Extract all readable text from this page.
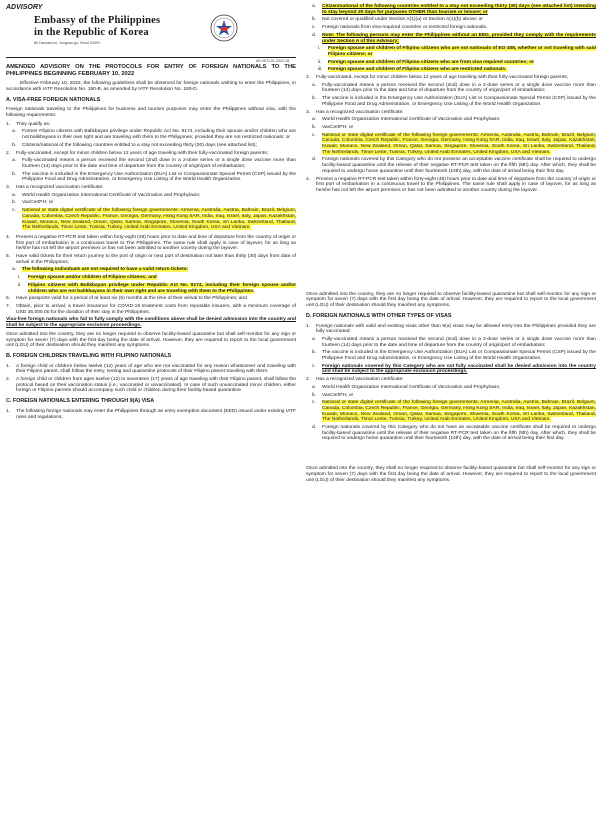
ADVISORY
Embassy of the Philippines
in the Republic of Korea
80 Hannam-ro, Yongsan-gu, Seoul 04391
AD-NTD-01-2022-18

AMENDED ADVISORY ON THE PROTOCOLS FOR ENTRY OF FOREIGN NATIONALS TO THE PHILIPPINES BEGINNING FEBRUARY 10, 2022

Effective February 10, 2022, the following guidelines shall be observed for foreign nationals wishing to enter the Philippines, in accordance with IATF Resolution No. 150-B, as amended by IATF Resolution No. 160-D.

A. VISA-FREE FOREIGN NATIONALS

Foreign nationals traveling to the Philippines for business and tourism purposes may enter the Philippines without visa, with the following requirements:

1. They qualify as:

a. Former Filipino citizens with Balikbayan privilege under Republic Act No. 9174, including their spouse and/or children who are not balikbayans in their own right and are traveling with them to the Philippines; provided they are not restricted nationals; or

b. Citizens/national of the following countries entitled to a stay not exceeding thirty (30) days (see attached list);

2. Fully-vaccinated, except for minor children below 12 years of age traveling with their fully-vaccinated foreign parents;

a. Fully-vaccinated means a person received the second (2nd) dose in a 2-dose series or a single dose vaccine more than fourteen (14) days prior to the date and time of departure from the country of origin/port of embarkation;

b. The vaccine is included in the Emergency Use Authorization (EUA) List or Compassionate Special Permit (CSP) issued by the Philippine Food and Drug Administration, or Emergency Use Listing of the World Health Organization.

3. Has a recognized vaccination certificate:

a. World Health Organization International Certificate of Vaccination and Prophylaxis;

b. VaxCertPH; or

c. National or state digital certificate of the following foreign governments: Armenia, Australia, Austria, Bahrain, Brazil, Belgium, Canada, Colombia, Czech Republic, France, Georgia, Germany, Hong Kong SAR, India, Iraq, Israel, Italy, Japan, Kazakhstan, Kuwait, Monaco, New Zealand, Oman, Qatar, Samoa, Singapore, Slovenia, South Korea, Sri Lanka, Switzerland, Thailand, The Netherlands, Timor Leste, Tunisia, Turkey, United Arab Emirates, United Kingdom, USA and Vietnam.

4. Present a negative RT-PCR test taken within forty-eight (48) hours prior to date and time of departure from the country of origin or first port of embarkation in a continuous travel to The Philippines. The same rule shall apply in case of layover, for as long as he/she has not left the airport premises or has not been admitted to another country during the layover.

5. Have valid tickets for their return journey to the port of origin or next port of destination not later than thirty (30) days from date of arrival in the Philippines;

a. The following individuals are not required to have a valid return tickets:

i. Foreign spouse and/or children of Filipino citizens; and

ii. Filipino citizens with Balikbayan privilege under Republic Act No. 9174, including their foreign spouse and/or children who are not balikbayans in their own right and are traveling with them to the Philippines.

6. Have passports valid for a period of at least six (6) months at the time of their arrival to the Philippines; and

7. Obtain, prior to arrival, a travel insurance for COVID-19 treatment costs from reputable insurers, with a minimum coverage of USD 35,000.00 for the duration of their stay in the Philippines.

Visa-free foreign nationals who fail to fully comply with the conditions above shall be denied admission into the country and shall be subject to the appropriate exclusion proceedings.

Once admitted into the country, they are no longer required to observe facility-based quarantine but shall self-monitor for any sign or symptom for seven (7) days with the first day being the date of arrival. However, they are required to report to the local government unit (LGU) of their destination should they manifest any symptoms.

B. FOREIGN CHILDREN TRAVELING WITH FILIPINO NATIONALS

1. A foreign child or children below twelve (12) years of age who are not vaccinated for any reason whatsoever and traveling with their Filipino parent, shall follow the entry, testing and quarantine protocols of their Filipino parent traveling with them.

2. A foreign child or children from ages twelve (12) to seventeen (17) years of age traveling with their Filipino parent, shall follow the protocol based on their vaccination status (i.e., vaccinated or unvaccinated). In case of such unvaccinated minor children, either foreign or Filipino parents should accompany such child or children during their facility-based quarantine.

C. FOREIGN NATIONALS ENTERING THROUGH 9(A) VISA

1. The following foreign nationals may enter the Philippines through an entry exemption document (EED) issued under existing IATF rules and regulations;

a. Citizen/national of the following countries entitled to a stay not exceeding thirty (30) days (see attached list) intending to stay beyond 30 days for purposes OTHER than tourism or leisure; or

b. Not covered or qualified under Section A(1)(a) or Section A(1)(b) above; or

c. Foreign nationals from visa-required countries or restricted foreign nationals.

d. Note: The following persons may enter the Philippines without an EED, provided they comply with the requirements under Section A of this Advisory:

i. Foreign spouse and children of Filipino citizens who are not nationals of EO 408, whether or not traveling with said Filipino citizens; or

ii. Foreign spouse and children of Filipino citizens who are from visa required countries; or

iii. Foreign spouse and children of Filipino citizens who are restricted nationals.

2. Fully-vaccinated, except for minor children below 12 years of age traveling with their fully-vaccinated foreign parents;

a. Fully-vaccinated means a person received the second (2nd) dose in a 2-dose series or a single dose vaccine more than fourteen (14) days prior to the date and time of departure from the country of origin/port of embarkation;

b. The vaccine is included in the Emergency Use Authorization (EUA) List or Compassionate Special Permit (CSP) issued by the Philippine Food and Drug Administration, or Emergency Use Listing of the World Health Organization.

3. Has a recognized vaccination certificate:

a. World Health Organization International Certificate of Vaccination and Prophylaxis;

b. VaxCertPH; or

c. National or state digital certificate of the following foreign governments: Armenia, Australia, Austria, Bahrain, Brazil, Belgium, Canada, Colombia, Czech Republic, France, Georgia, Germany, Hong Kong SAR, India, Iraq, Israel, Italy, Japan, Kazakhstan, Kuwait, Monaco, New Zealand, Oman, Qatar, Samoa, Singapore, Slovenia, South Korea, Sri Lanka, Switzerland, Thailand, The Netherlands, Timor Leste, Tunisia, Turkey, United Arab Emirates, United Kingdom, USA and Vietnam.

d. Foreign nationals covered by this Category who do not possess an acceptable vaccine certificate shall be required to undergo facility-based quarantine until the release of their negative RT-PCR test taken on the fifth (5th) day. After which, they shall be required to undergo home quarantine until their fourteenth (14th) day, with the date of arrival being their first day.

4. Present a negative RT-PCR test taken within forty-eight (48) hours prior to date and time of departure from the country of origin or first port of embarkation in a continuous travel to the Philippines. The same rule shall apply in case of layover, for as long as he/she has not left the airport premises or has not been admitted to another country during the layover.

Once admitted into the country, they are no longer required to observe facility-based quarantine but shall self-monitor for any sign or symptom for seven (7) days with the first day being the date of arrival. However, they are required to report to the local government unit (LGU) of their destination should they manifest any symptoms.

D. FOREIGN NATIONALS WITH OTHER TYPES OF VISAS

1. Foreign nationals with valid and existing visas other than 9(a) visas may be allowed entry into the Philippines provided they are fully vaccinated:

a. Fully-vaccinated means a person received the second (2nd) dose in a 2-dose series or a single dose vaccine more than fourteen (14) days prior to the date and time of departure from the country of origin/port of embarkation;

b. The vaccine is included in the Emergency Use Authorization (EUA) List or Compassionate Special Permit (CSP) issued by the Philippine Food and Drug Administration, or Emergency Use Listing of the World Health Organization.

c. Foreign nationals covered by this Category who are not fully vaccinated shall be denied admission into the country and shall be subject to the appropriate exclusion proceedings.

2. Has a recognized vaccination certificate:

a. World Health Organization International Certificate of Vaccination and Prophylaxis;

b. VaxCertPH; or

c. National or state digital certificate of the following foreign governments: Armenia, Australia, Austria, Bahrain, Brazil, Belgium, Canada, Colombia, Czech Republic, France, Georgia, Germany, Hong Kong SAR, India, Iraq, Israel, Italy, Japan, Kazakhstan, Kuwait, Monaco, New Zealand, Oman, Qatar, Samoa, Singapore, Slovenia, South Korea, Sri Lanka, Switzerland, Thailand, The Netherlands, Timor Leste, Tunisia, Turkey, United Arab Emirates, United Kingdom, USA and Vietnam.

d. Foreign nationals covered by this Category who do not have an acceptable vaccine certificate shall be required to undergo facility-based quarantine until the release of their negative RT-PCR test taken on the fifth (5th) day. After which, they shall be required to undergo home quarantine until their fourteenth (14th) day, with the date of arrival being their first day.

Once admitted into the country, they shall no longer required to observe facility-based quarantine but shall self-monitor for any sign or symptom for seven (7) days with the first day being the date of arrival. However, they are required to report to the local government unit (LGU) of their destination should they manifest any symptoms.
